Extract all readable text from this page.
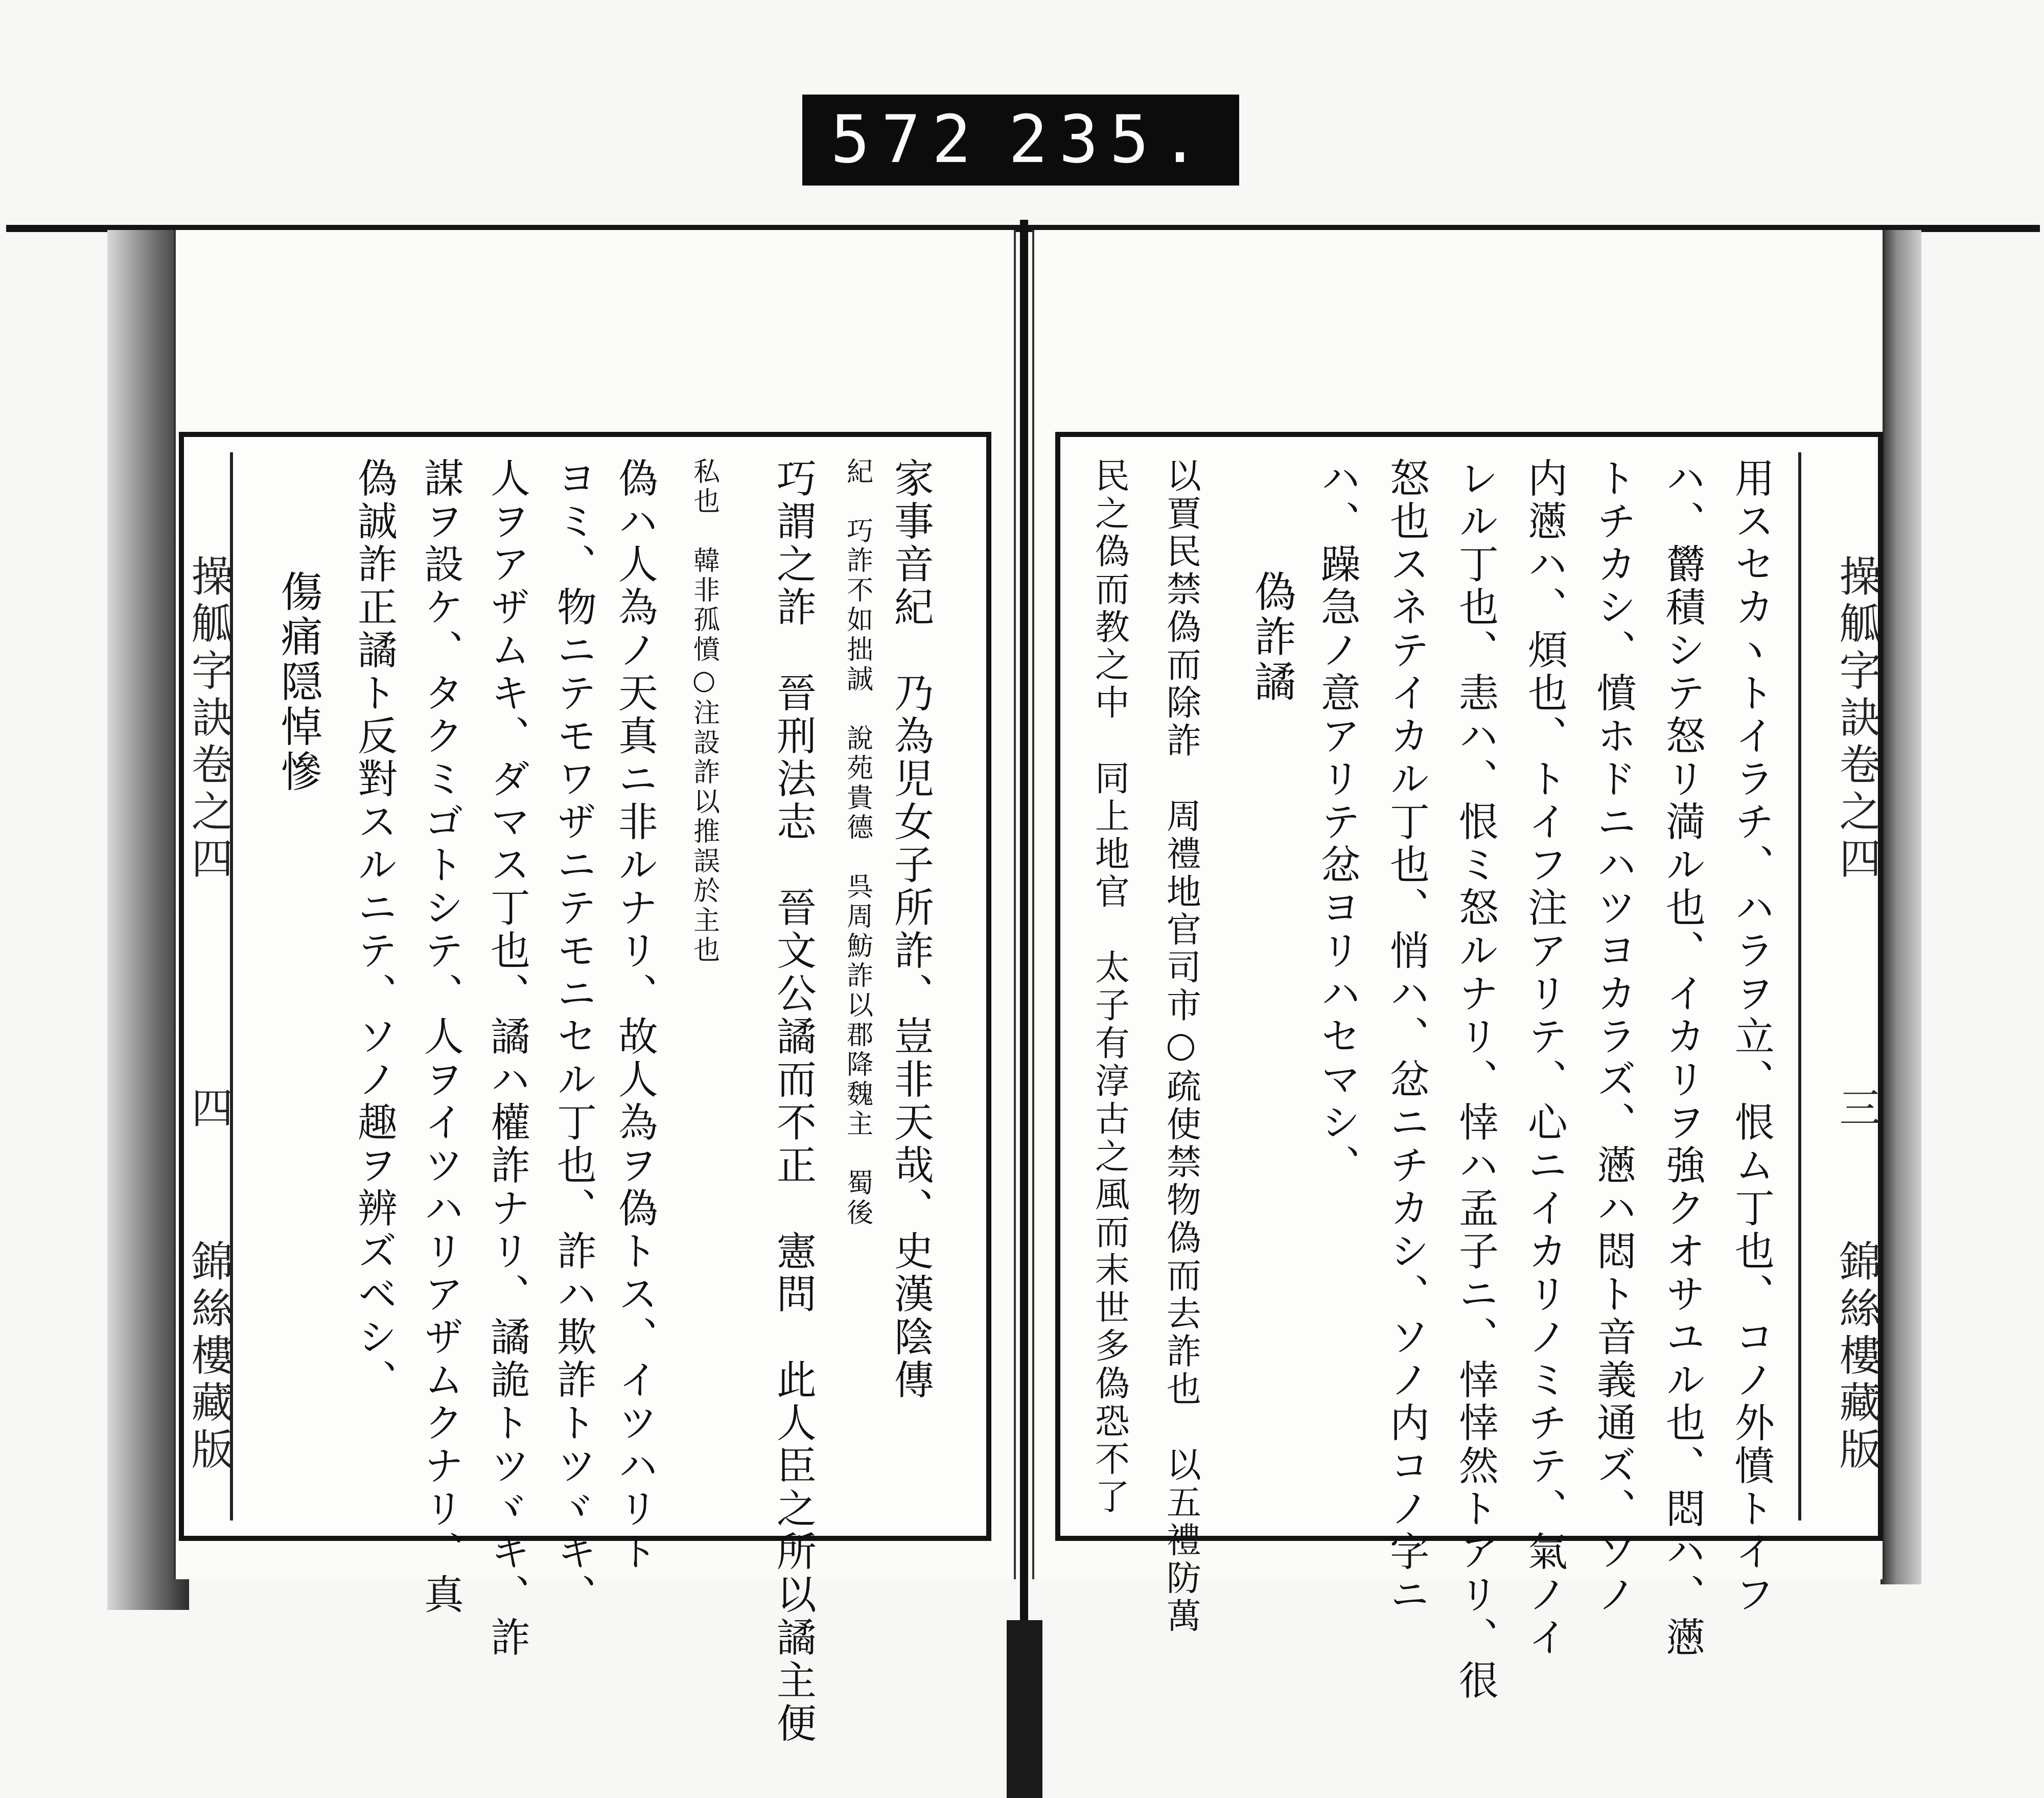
572 235.
家事音紀　乃為児女子所詐、豈非天哉、史漢陰傳
紀　巧詐不如拙誠　說苑貴德　呉周魴詐以郡降魏主　蜀後
巧謂之詐　晉刑法志　晉文公譎而不正　憲問　此人臣之所以譎主便
私也　韓非孤憤○注設詐以推誤於主也
偽ハ人為ノ天真ニ非ルナリ、故人為ヲ偽トス、イツハリト
ヨミ、物ニテモワザニテモニセル丁也、詐ハ欺詐トツヾキ、
人ヲアザムキ、ダマス丁也、譎ハ權詐ナリ、譎詭トツヾキ、詐
謀ヲ設ケ、タクミゴトシテ、人ヲイツハリアザムクナリ、真
偽誠詐正譎ト反對スルニテ、ソノ趣ヲ辨ズベシ、
傷痛隠悼慘
操觚字訣卷之四
四
錦絲樓藏版	用スセカヽトイラチ、ハラヲ立、恨ム丁也、コノ外憤トイフ
ハ、欝積シテ怒リ満ル也、イカリヲ強クオサユル也、悶ハ、懣
トチカシ、憤ホドニハツヨカラズ、懣ハ悶ト音義通ズ、ソノ
内懣ハ、煩也、トイフ注アリテ、心ニイカリノミチテ、氣ノイ
レル丁也、恚ハ、恨ミ怒ルナリ、悻ハ孟子ニ、悻悻然トアリ、很
怒也スネテイカル丁也、悄ハ、忿ニチカシ、ソノ内コノ字ニ
ハ、躁急ノ意アリテ忿ヨリハセマシ、
偽詐譎
以賈民禁偽而除詐　周禮地官司市○疏使禁物偽而去詐也　以五禮防萬
民之偽而教之中　同上地官　太子有淳古之風而末世多偽恐不了	操觚字訣卷之四
三
錦絲樓藏版
